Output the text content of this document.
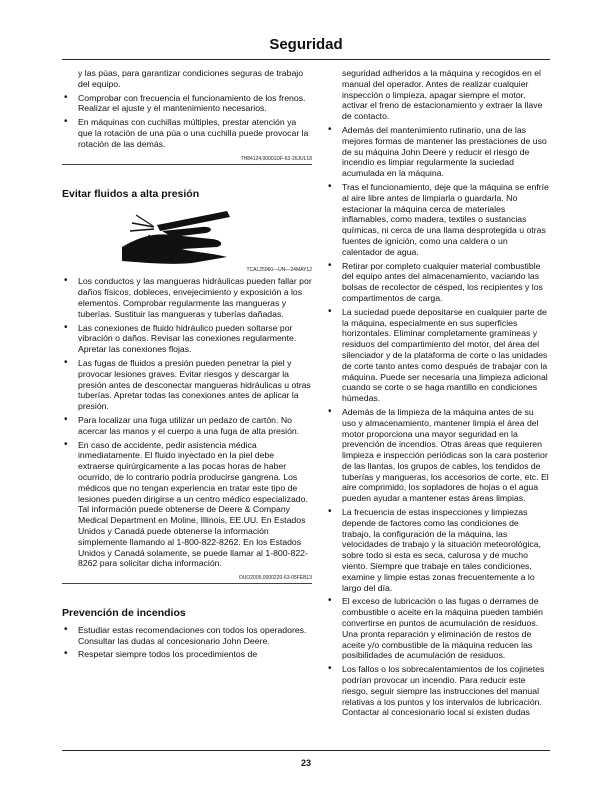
Seguridad
y las púas, para garantizar condiciones seguras de trabajo del equipo.
• Comprobar con frecuencia el funcionamiento de los frenos. Realizar el ajuste y el mantenimiento necesarios.
• En máquinas con cuchillas múltiples, prestar atención ya que la rotación de una púa o una cuchilla puede provocar la rotación de las demás.
TH84124,00001DF-63-26JUL18
Evitar fluidos a alta presión
TCAL25960—UN—24MAY12
• Los conductos y las mangueras hidráulicas pueden fallar por daños físicos, dobleces, envejecimiento y exposición a los elementos. Comprobar regularmente las mangueras y tuberías. Sustituir las mangueras y tuberías dañadas.
• Las conexiones de fluido hidráulico pueden soltarse por vibración o daños. Revisar las conexiones regularmente. Apretar las conexiones flojas.
• Las fugas de fluidos a presión pueden penetrar la piel y provocar lesiones graves. Evitar riesgos y descargar la presión antes de desconectar mangueras hidráulicas u otras tuberías. Apretar todas las conexiones antes de aplicar la presión.
• Para localizar una fuga utilizar un pedazo de cartón. No acercar las manos y el cuerpo a una fuga de alta presión.
• En caso de accidente, pedir asistencia médica inmediatamente. El fluido inyectado en la piel debe extraerse quirúrgicamente a las pocas horas de haber ocurrido, de lo contrario podría producirse gangrena. Los médicos que no tengan experiencia en tratar este tipo de lesiones pueden dirigirse a un centro médico especializado. Tal información puede obtenerse de Deere & Company Medical Department en Moline, Illinois, EE.UU. En Estados Unidos y Canadá puede obtenerse la información simplemente llamando al 1-800-822-8262. En los Estados Unidos y Canadá solamente, se puede llamar al 1-800-822-8262 para solicitar dicha información.
OUO2005,0000220-63-05FEB13
Prevención de incendios
• Estudiar estas recomendaciones con todos los operadores. Consultar las dudas al concesionario John Deere.
• Respetar siempre todos los procedimientos de
seguridad adheridos a la máquina y recogidos en el manual del operador. Antes de realizar cualquier inspección o limpieza, apagar siempre el motor, activar el freno de estacionamiento y extraer la llave de contacto.
• Además del mantenimiento rutinario, una de las mejores formas de mantener las prestaciones de uso de su máquina John Deere y reducir el riesgo de incendio es limpiar regularmente la suciedad acumulada en la máquina.
• Tras el funcionamiento, deje que la máquina se enfríe al aire libre antes de limpiarla o guardarla. No estacionar la máquina cerca de materiales inflamables, como madera, textiles o sustancias químicas, ni cerca de una llama desprotegida u otras fuentes de ignición, como una caldera o un calentador de agua.
• Retirar por completo cualquier material combustible del equipo antes del almacenamiento, vaciando las bolsas de recolector de césped, los recipientes y los compartimentos de carga.
• La suciedad puede depositarse en cualquier parte de la máquina, especialmente en sus superficies horizontales. Eliminar completamente gramíneas y residuos del compartimiento del motor, del área del silenciador y de la plataforma de corte o las unidades de corte tanto antes como después de trabajar con la máquina. Puede ser necesaria una limpieza adicional cuando se corte o se haga mantillo en condiciones húmedas.
• Además de la limpieza de la máquina antes de su uso y almacenamiento, mantener limpia el área del motor proporciona una mayor seguridad en la prevención de incendios. Otras áreas que requieren limpieza e inspección periódicas son la cara posterior de las llantas, los grupos de cables, los tendidos de tuberías y mangueras, los accesorios de corte, etc. El aire comprimido, los sopladores de hojas o el agua pueden ayudar a mantener estas áreas limpias.
• La frecuencia de estas inspecciones y limpiezas depende de factores como las condiciones de trabajo, la configuración de la máquina, las velocidades de trabajo y la situación meteorológica, sobre todo si esta es seca, calurosa y de mucho viento. Siempre que trabaje en tales condiciones, examine y limpie estas zonas frecuentemente a lo largo del día.
• El exceso de lubricación o las fugas o derrames de combustible o aceite en la máquina pueden también convertirse en puntos de acumulación de residuos. Una pronta reparación y eliminación de restos de aceite y/o combustible de la máquina reducen las posibilidades de acumulación de residuos.
• Los fallos o los sobrecalentamientos de los cojinetes podrían provocar un incendio. Para reducir este riesgo, seguir siempre las instrucciones del manual relativas a los puntos y los intervalos de lubricación. Contactar al concesionario local si existen dudas
23
